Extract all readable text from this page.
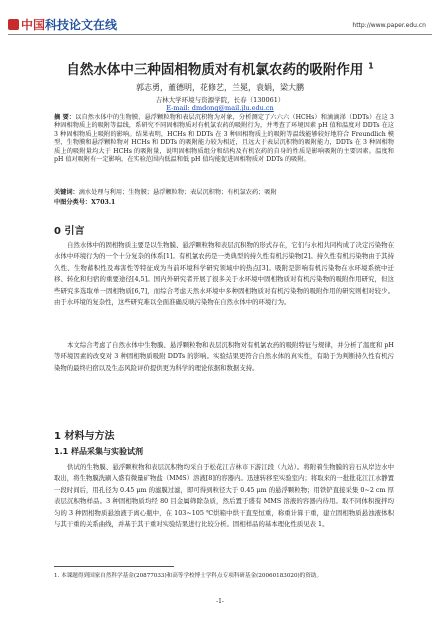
中国 科技论文在线	http://www.paper.edu.cn
自然水体中三种固相物质对有机氯农药的吸附作用 $^1$
郭志勇，董德明，花修艺，兰冕，袁娟，梁大鹏
吉林大学环境与资源学院，长春（130061）
E-mail: dmdong@mail.jlu.edu.cn
摘 要：以自然水体中的生物膜、悬浮颗粒物和表层沉积物为对象，分析测定了六六六（HCHs）和滴滴涕（DDTs）在这 3 种固相物质上的吸附等温线，系研究不同固相物质对有机氯农药的吸附行为，并考查了环境因素 pH 值和温度对 DDTs 在这 3 种固相物质上吸附的影响。结果表明，HCHs 和 DDTs 在 3 种固相物质上的吸附等温线能够较好地符合 Freundlich 模型，生物膜和悬浮颗粒物对 HCHs 和 DDTs 的吸附能力较为相近，且远大于表层沉积物的吸附能力，DDTs 在 3 种固相物质上的吸附量均大于 HCHs 的吸附量，说明固相物质组分和结构及有机农药的自身的性质是影响吸附的主要因素。温度和 pH 值对吸附有一定影响，在实验范围内低温和低 pH 值均能促进固相物质对 DDTs 的吸附。
关键词：滴水处理与利用；生物膜；悬浮颗粒物；表层沉积物；有机氯农药；吸附
中图分类号：X703.1
0 引言
自然水体中的固相物质主要是以生物膜、悬浮颗粒物和表层沉积物的形式存在，它们与水相共同构成了决定污染物在水体中环境行为的一个十分复杂的体系[1]。有机氯农药是一类典型的持久性有机污染物[2]。持久性有机污染物由于其持久性、生物蓄积性及毒害性等特征成为当前环境科学研究领域中的热点[3]。吸附是影响有机污染物在水环境系统中迁移、转化和归宿的重要途径[4,5]。国内外研究者开展了很多关于水环境中固相物质对有机污染物的吸附作用研究，但这些研究多选取单一固相物质[6,7]，而综合考虑天然水环境中多种固相物质对有机污染物的吸附作用的研究则相对较少。由于水环境的复杂性，这些研究难以全面准确反映污染物在自然水体中的环境行为。
本文综合考虑了自然水体中生物膜、悬浮颗粒物和表层沉积物对有机氯农药的吸附特征与规律，并分析了温度和 pH 等环境因素的改变对 3 种固相物质吸附 DDTs 的影响。实验结果更符合自然水体的真实性，有助于为判断持久性有机污染物的最终归宿以及生态风险评价提供更为科学的理论依据和数据支持。
1 材料与方法
1.1 样品采集与实验试剂
供试的生物膜、悬浮颗粒物和表层沉积物均采自于松花江吉林市下游江段（九站）。将附着生物膜的岩石从岸边水中取出，将生物膜洗刷入盛有微量矿物盐（MMS）溶液[8]的容器内。迅速转移至实验室内；将取来的一批批花江江水静置一段时间后，用孔径为 0.45 μm 的滤膜过滤，即可得到粒径大于 0.45 μm 的悬浮颗粒物；用铁铲直接采集 0~2 cm 厚表层沉积物样品。3 种固相物质均经 80 目金属筛除杂质，然后置于盛有 MMS 溶液的容器内待用。取不同体积搅拌均匀的 3 种固相物质悬浊液于离心瓶中，在 103~105 ℃烘箱中烘干直至恒重，称重计算干重，建立固相物质悬浊液体积与其干重的关系曲线，并基于其干重对实验结果进行比较分析。固相样品的基本理化性质见表 1。
1. 本课题得到国家自然科学基金(20877033)和高等学校博士学科点专项科研基金(20060183020)的资助。
-1-
